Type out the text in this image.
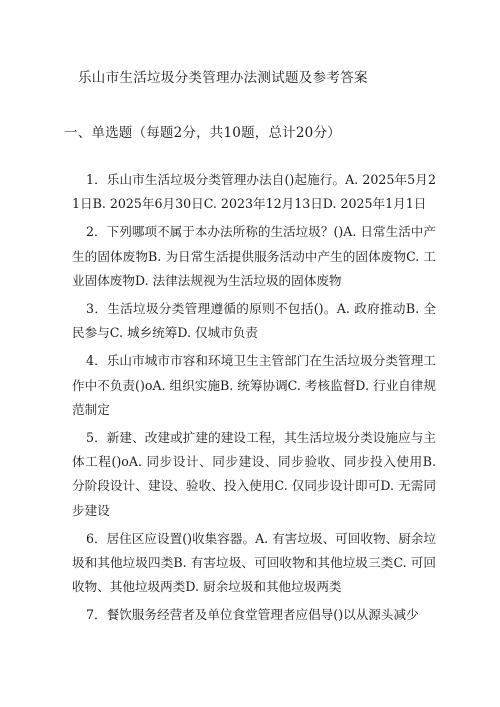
乐山市生活垃圾分类管理办法测试题及参考答案
一、单选题（每题2分，共10题，总计20分）

1．乐山市生活垃圾分类管理办法自()起施行。A. 2025年5月21日B. 2025年6月30日C. 2023年12月13日D. 2025年1月1日

2．下列哪项不属于本办法所称的生活垃圾？()A. 日常生活中产生的固体废物B. 为日常生活提供服务活动中产生的固体废物C. 工业固体废物D. 法律法规视为生活垃圾的固体废物

3．生活垃圾分类管理遵循的原则不包括()。A. 政府推动B. 全民参与C. 城乡统筹D. 仅城市负责

4．乐山市城市市容和环境卫生主管部门在生活垃圾分类管理工作中不负责()oA. 组织实施B. 统筹协调C. 考核监督D. 行业自律规范制定

5．新建、改建或扩建的建设工程，其生活垃圾分类设施应与主体工程()oA. 同步设计、同步建设、同步验收、同步投入使用B. 分阶段设计、建设、验收、投入使用C. 仅同步设计即可D. 无需同步建设

6．居住区应设置()收集容器。A. 有害垃圾、可回收物、厨余垃圾和其他垃圾四类B. 有害垃圾、可回收物和其他垃圾三类C. 可回收物、其他垃圾两类D. 厨余垃圾和其他垃圾两类

7．餐饮服务经营者及单位食堂管理者应倡导()以从源头减少
